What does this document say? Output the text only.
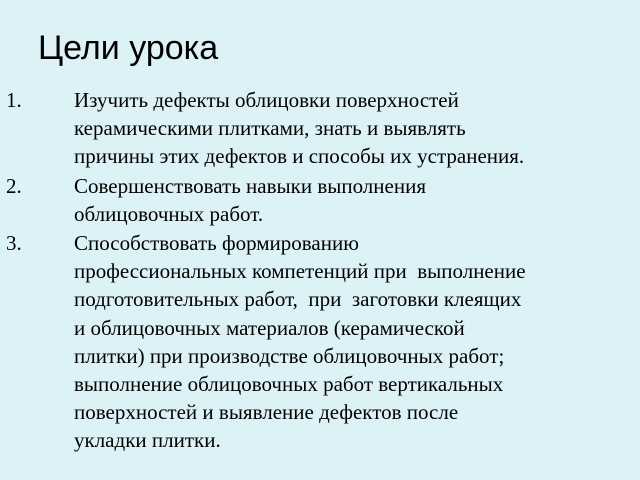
Цели урока
1.	Изучить дефекты облицовки поверхностей
керамическими плитками, знать и выявлять
причины этих дефектов и способы их устранения.
2.	Совершенствовать навыки выполнения
облицовочных работ.
3.	Способствовать формированию
профессиональных компетенций при  выполнение
подготовительных работ,  при  заготовки клеящих
и облицовочных материалов (керамической
плитки) при производстве облицовочных работ;
выполнение облицовочных работ вертикальных
поверхностей и выявление дефектов после
укладки плитки.
